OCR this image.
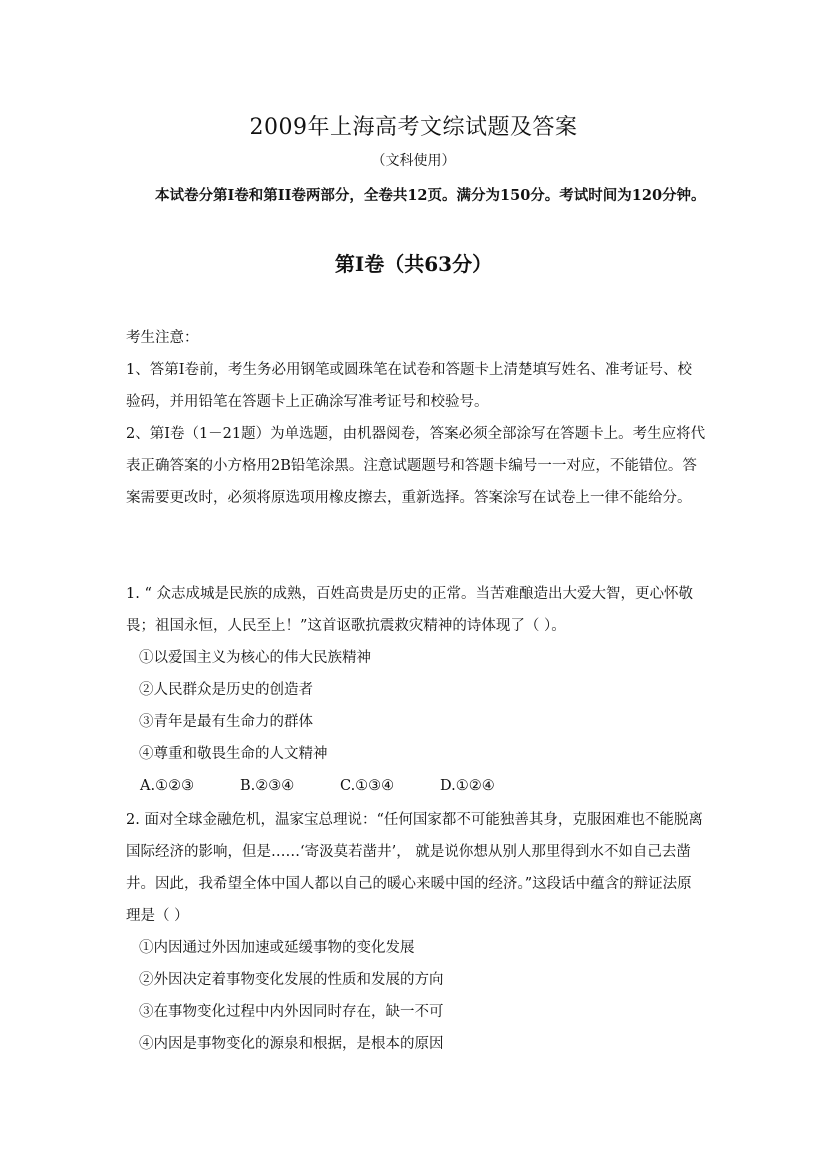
2009年上海高考文综试题及答案
（文科使用）
本试卷分第Ⅰ卷和第II卷两部分，全卷共12页。满分为150分。考试时间为120分钟。
第Ⅰ卷（共63分）

考生注意：

1、答第Ⅰ卷前，考生务必用钢笔或圆珠笔在试卷和答题卡上清楚填写姓名、准考证号、校验码，并用铅笔在答题卡上正确涂写准考证号和校验号。

2、第Ⅰ卷（1－21题）为单选题，由机器阅卷，答案必须全部涂写在答题卡上。考生应将代表正确答案的小方格用2B铅笔涂黑。注意试题题号和答题卡编号一一对应，不能错位。答案需要更改时，必须将原选项用橡皮擦去，重新选择。答案涂写在试卷上一律不能给分。

1. “ 众志成城是民族的成熟，百姓高贵是历史的正常。当苦难酿造出大爱大智，更心怀敬畏；祖国永恒，人民至上！”这首讴歌抗震救灾精神的诗体现了（ ）。

①以爱国主义为核心的伟大民族精神

②人民群众是历史的创造者

③青年是最有生命力的群体

④尊重和敬畏生命的人文精神

A.①②③	B.②③④	C.①③④	D.①②④

2. 面对全球金融危机，温家宝总理说：“任何国家都不可能独善其身，克服困难也不能脱离国际经济的影响，但是……‘寄汲莫若凿井’， 就是说你想从别人那里得到水不如自己去凿井。因此，我希望全体中国人都以自己的暖心来暖中国的经济。”这段话中蕴含的辩证法原理是（ ）

①内因通过外因加速或延缓事物的变化发展

②外因决定着事物变化发展的性质和发展的方向

③在事物变化过程中内外因同时存在，缺一不可

④内因是事物变化的源泉和根据，是根本的原因
